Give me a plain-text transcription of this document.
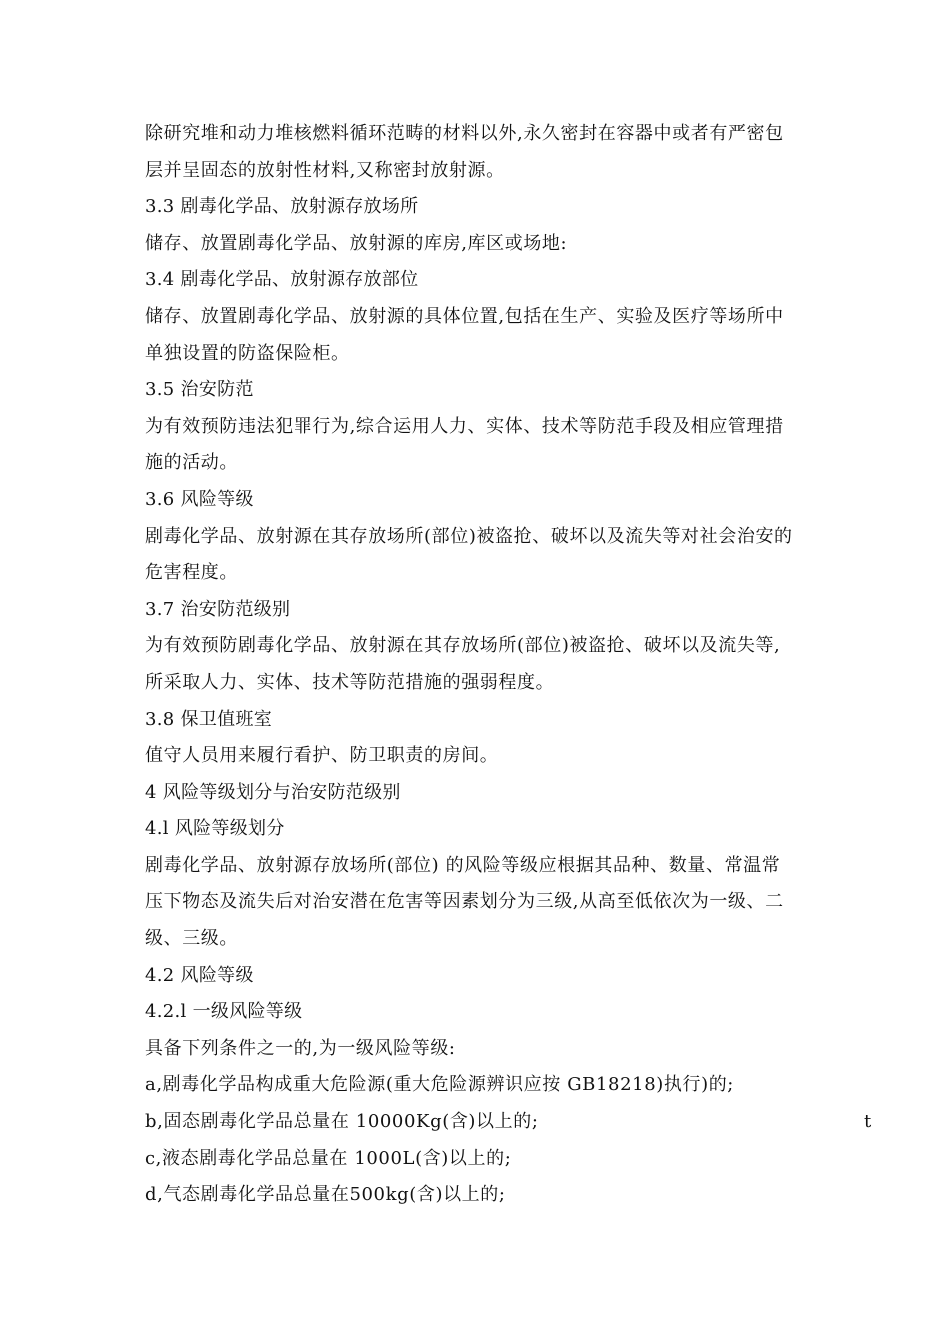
除研究堆和动力堆核燃料循环范畴的材料以外,永久密封在容器中或者有严密包
层并呈固态的放射性材料,又称密封放射源。
3.3 剧毒化学品、放射源存放场所
储存、放置剧毒化学品、放射源的库房,库区或场地:
3.4 剧毒化学品、放射源存放部位
储存、放置剧毒化学品、放射源的具体位置,包括在生产、实验及医疗等场所中
单独设置的防盗保险柜。
3.5 治安防范
为有效预防违法犯罪行为,综合运用人力、实体、技术等防范手段及相应管理措
施的活动。
3.6 风险等级
剧毒化学品、放射源在其存放场所(部位)被盗抢、破坏以及流失等对社会治安的
危害程度。
3.7 治安防范级别
为有效预防剧毒化学品、放射源在其存放场所(部位)被盗抢、破坏以及流失等,
所采取人力、实体、技术等防范措施的强弱程度。
3.8 保卫值班室
值守人员用来履行看护、防卫职责的房间。
4 风险等级划分与治安防范级别
4.l 风险等级划分
剧毒化学品、放射源存放场所(部位) 的风险等级应根据其品种、数量、常温常
压下物态及流失后对治安潜在危害等因素划分为三级,从高至低依次为一级、二
级、三级。
4.2 风险等级
4.2.l 一级风险等级
具备下列条件之一的,为一级风险等级:
a,剧毒化学品构成重大危险源(重大危险源辨识应按 GB18218)执行)的;
b,固态剧毒化学品总量在 10000Kg(含)以上的;	t
c,液态剧毒化学品总量在 1000L(含)以上的;
d,气态剧毒化学品总量在500kg(含)以上的;
